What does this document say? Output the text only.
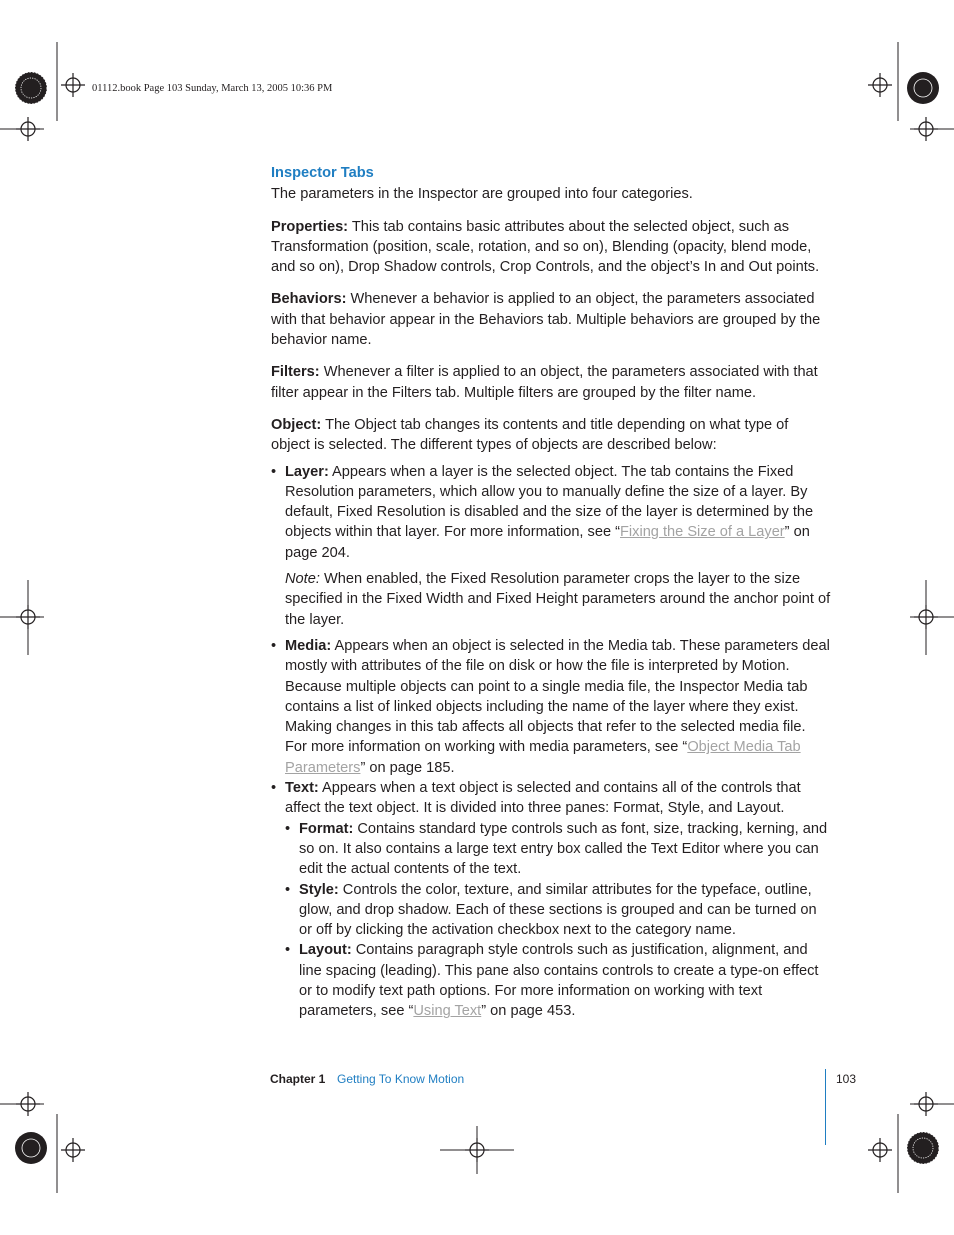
01112.book Page 103 Sunday, March 13, 2005 10:36 PM
Inspector Tabs

The parameters in the Inspector are grouped into four categories.

Properties: This tab contains basic attributes about the selected object, such as Transformation (position, scale, rotation, and so on), Blending (opacity, blend mode, and so on), Drop Shadow controls, Crop Controls, and the object’s In and Out points.

Behaviors: Whenever a behavior is applied to an object, the parameters associated with that behavior appear in the Behaviors tab. Multiple behaviors are grouped by the behavior name.

Filters: Whenever a filter is applied to an object, the parameters associated with that filter appear in the Filters tab. Multiple filters are grouped by the filter name.

Object: The Object tab changes its contents and title depending on what type of object is selected. The different types of objects are described below:

• Layer: Appears when a layer is the selected object. The tab contains the Fixed Resolution parameters, which allow you to manually define the size of a layer. By default, Fixed Resolution is disabled and the size of the layer is determined by the objects within that layer. For more information, see “Fixing the Size of a Layer” on page 204.

Note: When enabled, the Fixed Resolution parameter crops the layer to the size specified in the Fixed Width and Fixed Height parameters around the anchor point of the layer.

• Media: Appears when an object is selected in the Media tab. These parameters deal mostly with attributes of the file on disk or how the file is interpreted by Motion. Because multiple objects can point to a single media file, the Inspector Media tab contains a list of linked objects including the name of the layer where they exist. Making changes in this tab affects all objects that refer to the selected media file. For more information on working with media parameters, see “Object Media Tab Parameters” on page 185.
• Text: Appears when a text object is selected and contains all of the controls that affect the text object. It is divided into three panes: Format, Style, and Layout.
• Format: Contains standard type controls such as font, size, tracking, kerning, and so on. It also contains a large text entry box called the Text Editor where you can edit the actual contents of the text.
• Style: Controls the color, texture, and similar attributes for the typeface, outline, glow, and drop shadow. Each of these sections is grouped and can be turned on or off by clicking the activation checkbox next to the category name.
• Layout: Contains paragraph style controls such as justification, alignment, and line spacing (leading). This pane also contains controls to create a type-on effect or to modify text path options. For more information on working with text parameters, see “Using Text” on page 453.
Chapter 1 Getting To Know Motion	103
